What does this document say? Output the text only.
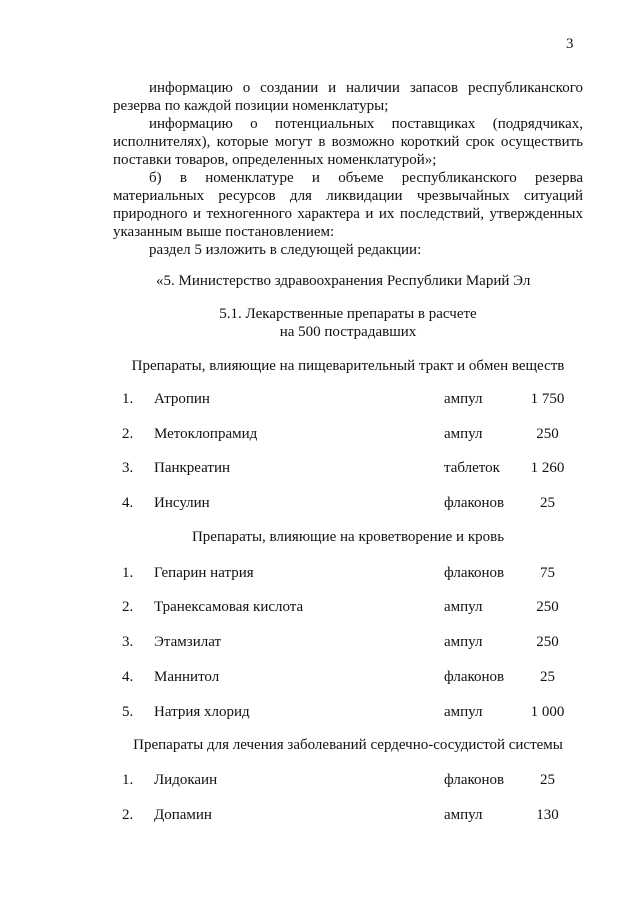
3
информацию о создании и наличии запасов республиканского
резерва по каждой позиции номенклатуры;
информацию о потенциальных поставщиках (подрядчиках,
исполнителях), которые могут в возможно короткий срок осуществить
поставки товаров, определенных номенклатурой»;
б) в номенклатуре и объеме республиканского резерва
материальных ресурсов для ликвидации чрезвычайных ситуаций
природного и техногенного характера и их последствий, утвержденных
указанным выше постановлением:
раздел 5 изложить в следующей редакции:
«5. Министерство здравоохранения Республики Марий Эл
5.1. Лекарственные препараты в расчете
на 500 пострадавших
Препараты, влияющие на пищеварительный тракт и обмен веществ
1. Атропин	ампул	1 750
2. Метоклопрамид	ампул	250
3. Панкреатин	таблеток	1 260
4. Инсулин	флаконов	25
Препараты, влияющие на кроветворение и кровь
1. Гепарин натрия	флаконов	75
2. Транексамовая кислота	ампул	250
3. Этамзилат	ампул	250
4. Маннитол	флаконов	25
5. Натрия хлорид	ампул	1 000
Препараты для лечения заболеваний сердечно-сосудистой системы
1. Лидокаин	флаконов	25
2. Допамин	ампул	130
